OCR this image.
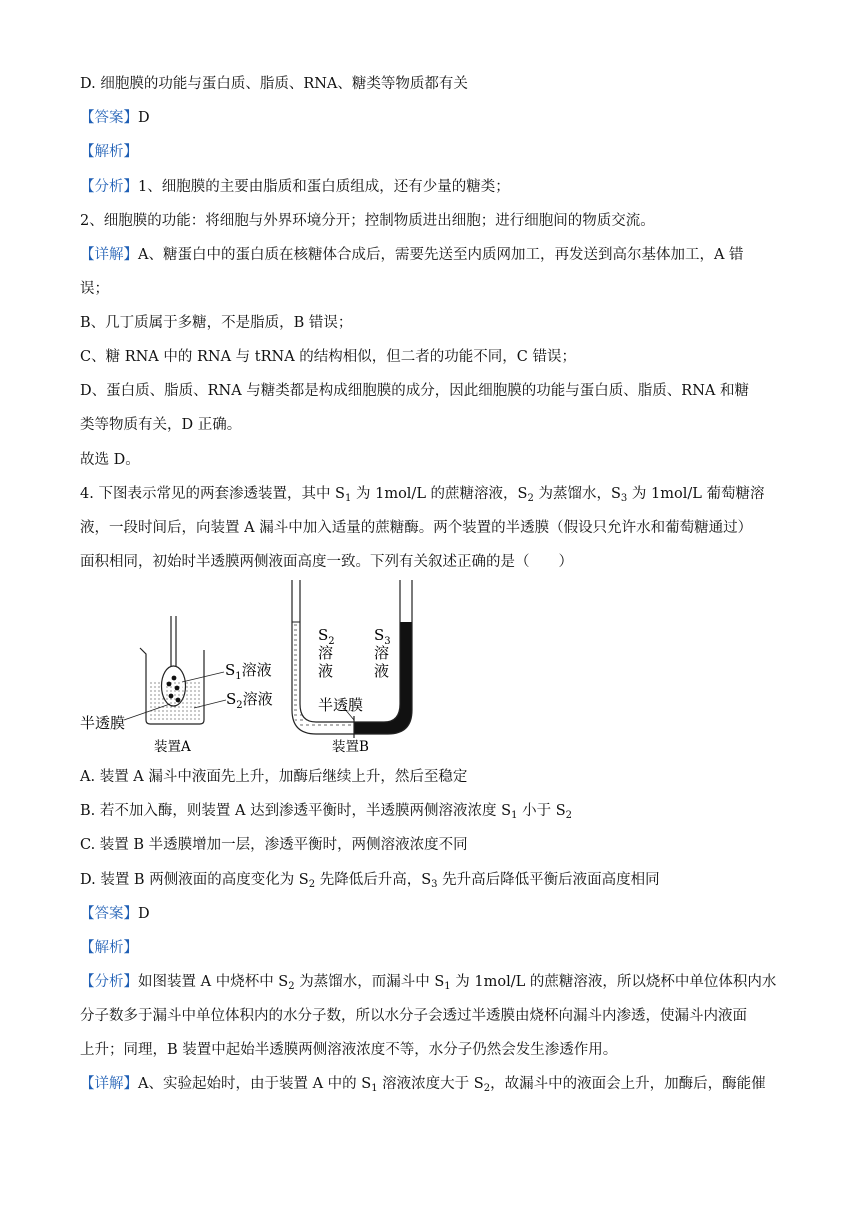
D. 细胞膜的功能与蛋白质、脂质、RNA、糖类等物质都有关
【答案】D
【解析】
【分析】1、细胞膜的主要由脂质和蛋白质组成，还有少量的糖类；
2、细胞膜的功能：将细胞与外界环境分开；控制物质进出细胞；进行细胞间的物质交流。
【详解】A、糖蛋白中的蛋白质在核糖体合成后，需要先送至内质网加工，再发送到高尔基体加工，A 错
误；
B、几丁质属于多糖，不是脂质，B 错误；
C、糖 RNA 中的 RNA 与 tRNA 的结构相似，但二者的功能不同，C 错误；
D、蛋白质、脂质、RNA 与糖类都是构成细胞膜的成分，因此细胞膜的功能与蛋白质、脂质、RNA 和糖
类等物质有关，D 正确。
故选 D。
4. 下图表示常见的两套渗透装置，其中 $S_1$ 为 1mol/L 的蔗糖溶液，$S_2$ 为蒸馏水，$S_3$ 为 1mol/L 葡萄糖溶
液，一段时间后，向装置 A 漏斗中加入适量的蔗糖酶。两个装置的半透膜（假设只允许水和葡萄糖通过）
面积相同，初始时半透膜两侧液面高度一致。下列有关叙述正确的是（　　）
$S_1$溶液
$S_2$溶液
半透膜
装置A
$S_2$
溶
液
$S_3$
溶
液
半透膜
装置B
A. 装置 A 漏斗中液面先上升，加酶后继续上升，然后至稳定
B. 若不加入酶，则装置 A 达到渗透平衡时，半透膜两侧溶液浓度 $S_1$ 小于 $S_2$
C. 装置 B 半透膜增加一层，渗透平衡时，两侧溶液浓度不同
D. 装置 B 两侧液面的高度变化为 $S_2$ 先降低后升高，$S_3$ 先升高后降低平衡后液面高度相同
【答案】D
【解析】
【分析】如图装置 A 中烧杯中 $S_2$ 为蒸馏水，而漏斗中 $S_1$ 为 1mol/L 的蔗糖溶液，所以烧杯中单位体积内水
分子数多于漏斗中单位体积内的水分子数，所以水分子会透过半透膜由烧杯向漏斗内渗透，使漏斗内液面
上升；同理，B 装置中起始半透膜两侧溶液浓度不等，水分子仍然会发生渗透作用。
【详解】A、实验起始时，由于装置 A 中的 $S_1$ 溶液浓度大于 $S_2$，故漏斗中的液面会上升，加酶后，酶能催
